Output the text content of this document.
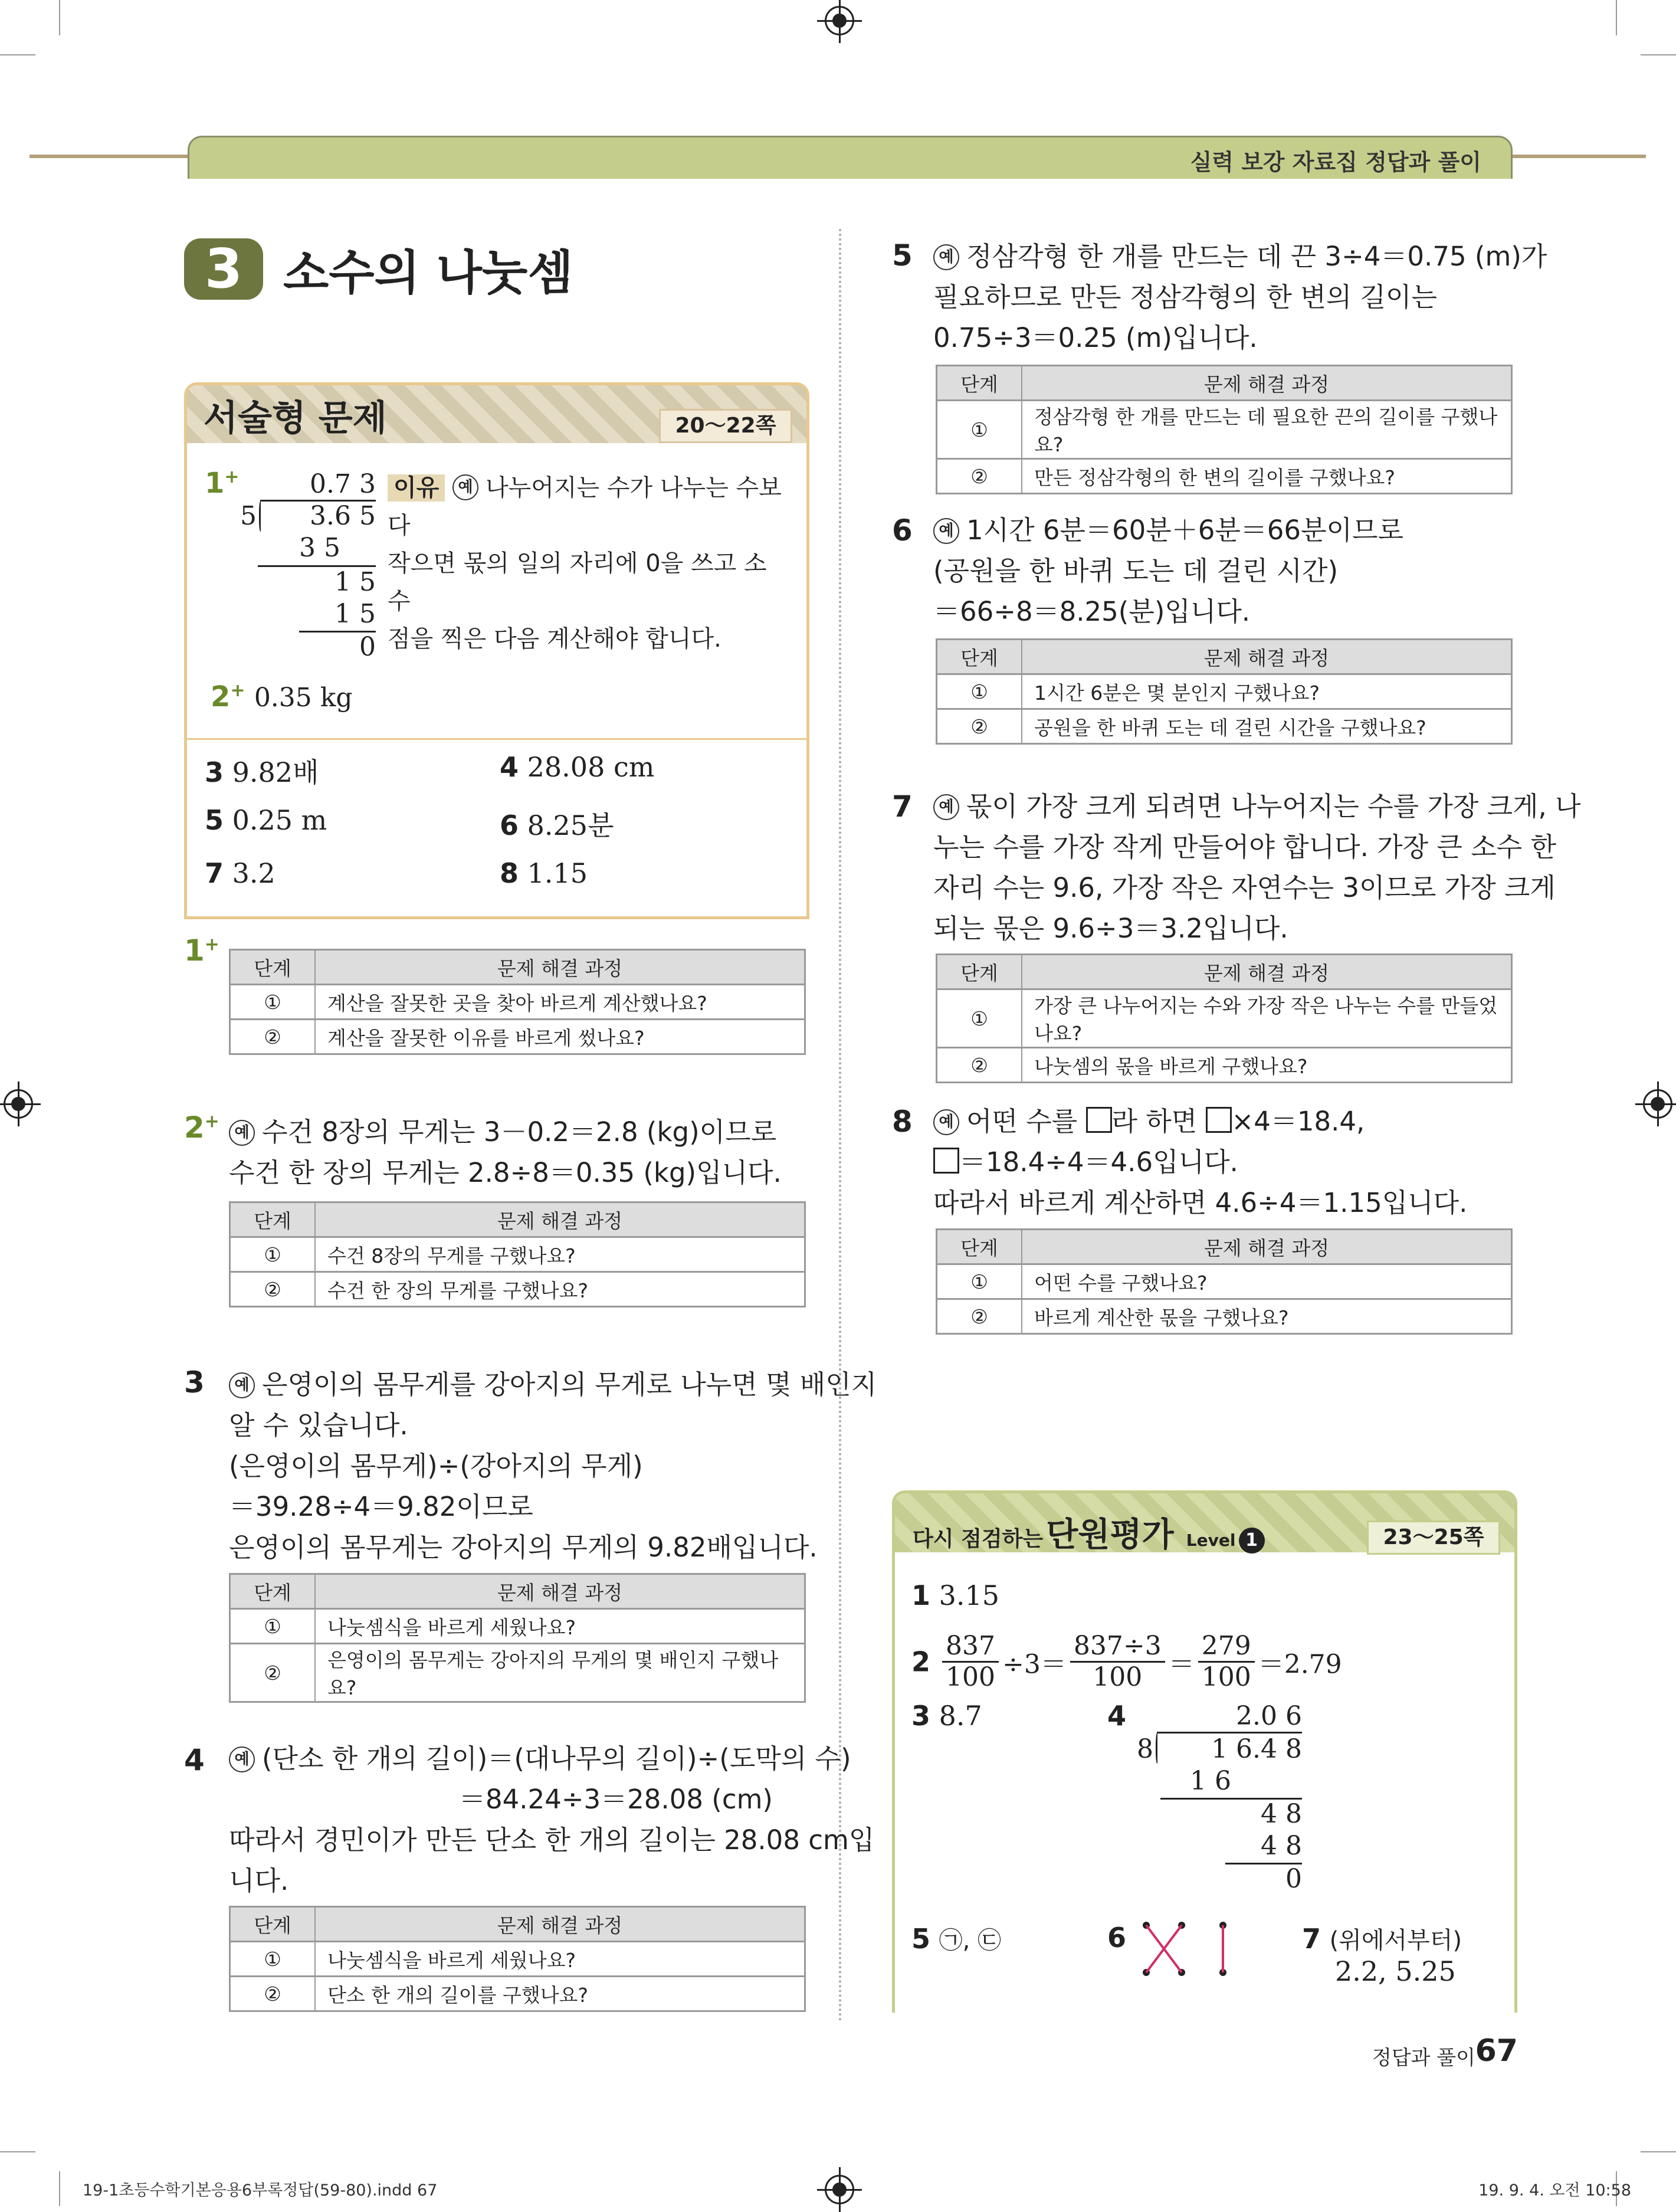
실력 보강 자료집 정답과 풀이
3 소수의 나눗셈
서술형 문제	20～22쪽
1+	0.7 3
5	3.6 5
3 5
1 5
1 5
0
이유 예 나누어지는 수가 나누는 수보다
작으면 몫의 일의 자리에 0을 쓰고 소수
점을 찍은 다음 계산해야 합니다.
2+ 0.35 kg
3 9.82배	4 28.08 cm
5 0.25 m	6 8.25분
7 3.2	8 1.15
1+
단계	문제 해결 과정
①	계산을 잘못한 곳을 찾아 바르게 계산했나요?
②	계산을 잘못한 이유를 바르게 썼나요?
2+
예 수건 8장의 무게는 3－0.2＝2.8 (kg)이므로
수건 한 장의 무게는 2.8÷8＝0.35 (kg)입니다.
단계	문제 해결 과정
①	수건 8장의 무게를 구했나요?
②	수건 한 장의 무게를 구했나요?
3	예 은영이의 몸무게를 강아지의 무게로 나누면 몇 배인지
알 수 있습니다.
(은영이의 몸무게)÷(강아지의 무게)
＝39.28÷4＝9.82이므로
은영이의 몸무게는 강아지의 무게의 9.82배입니다.
단계	문제 해결 과정
①	나눗셈식을 바르게 세웠나요?
②	은영이의 몸무게는 강아지의 무게의 몇 배인지 구했나요?
4	예 (단소 한 개의 길이)＝(대나무의 길이)÷(도막의 수)
＝84.24÷3＝28.08 (cm)
따라서 경민이가 만든 단소 한 개의 길이는 28.08 cm입
니다.
단계	문제 해결 과정
①	나눗셈식을 바르게 세웠나요?
②	단소 한 개의 길이를 구했나요?
5	예 정삼각형 한 개를 만드는 데 끈 3÷4＝0.75 (m)가
필요하므로 만든 정삼각형의 한 변의 길이는
0.75÷3＝0.25 (m)입니다.
단계	문제 해결 과정
①	정삼각형 한 개를 만드는 데 필요한 끈의 길이를 구했나요?
②	만든 정삼각형의 한 변의 길이를 구했나요?
6	예 1시간 6분＝60분＋6분＝66분이므로
(공원을 한 바퀴 도는 데 걸린 시간)
＝66÷8＝8.25(분)입니다.
단계	문제 해결 과정
①	1시간 6분은 몇 분인지 구했나요?
②	공원을 한 바퀴 도는 데 걸린 시간을 구했나요?
7	예 몫이 가장 크게 되려면 나누어지는 수를 가장 크게, 나
누는 수를 가장 작게 만들어야 합니다. 가장 큰 소수 한
자리 수는 9.6, 가장 작은 자연수는 3이므로 가장 크게
되는 몫은 9.6÷3＝3.2입니다.
단계	문제 해결 과정
①	가장 큰 나누어지는 수와 가장 작은 나누는 수를 만들었나요?
②	나눗셈의 몫을 바르게 구했나요?
8	예 어떤 수를 라 하면 ×4＝18.4,
＝18.4÷4＝4.6입니다.
따라서 바르게 계산하면 4.6÷4＝1.15입니다.
단계	문제 해결 과정
①	어떤 수를 구했나요?
②	바르게 계산한 몫을 구했나요?
다시 점검하는 단원평가 Level 1	23～25쪽
1 3.15
$2 \frac{837}{100} \div 3= \frac{837\div 3}{100} = \frac{279}{100} =2.79$
3 8.7	4	2.0 6
8	1 6.4 8
1 6
4 8
4 8
0
5 ㉠, ㉢	6	7 (위에서부터)
2.2, 5.25
정답과 풀이 67
19-1초등수학기본응용6부록정답(59-80).indd 67	19. 9. 4. 오전 10:58
